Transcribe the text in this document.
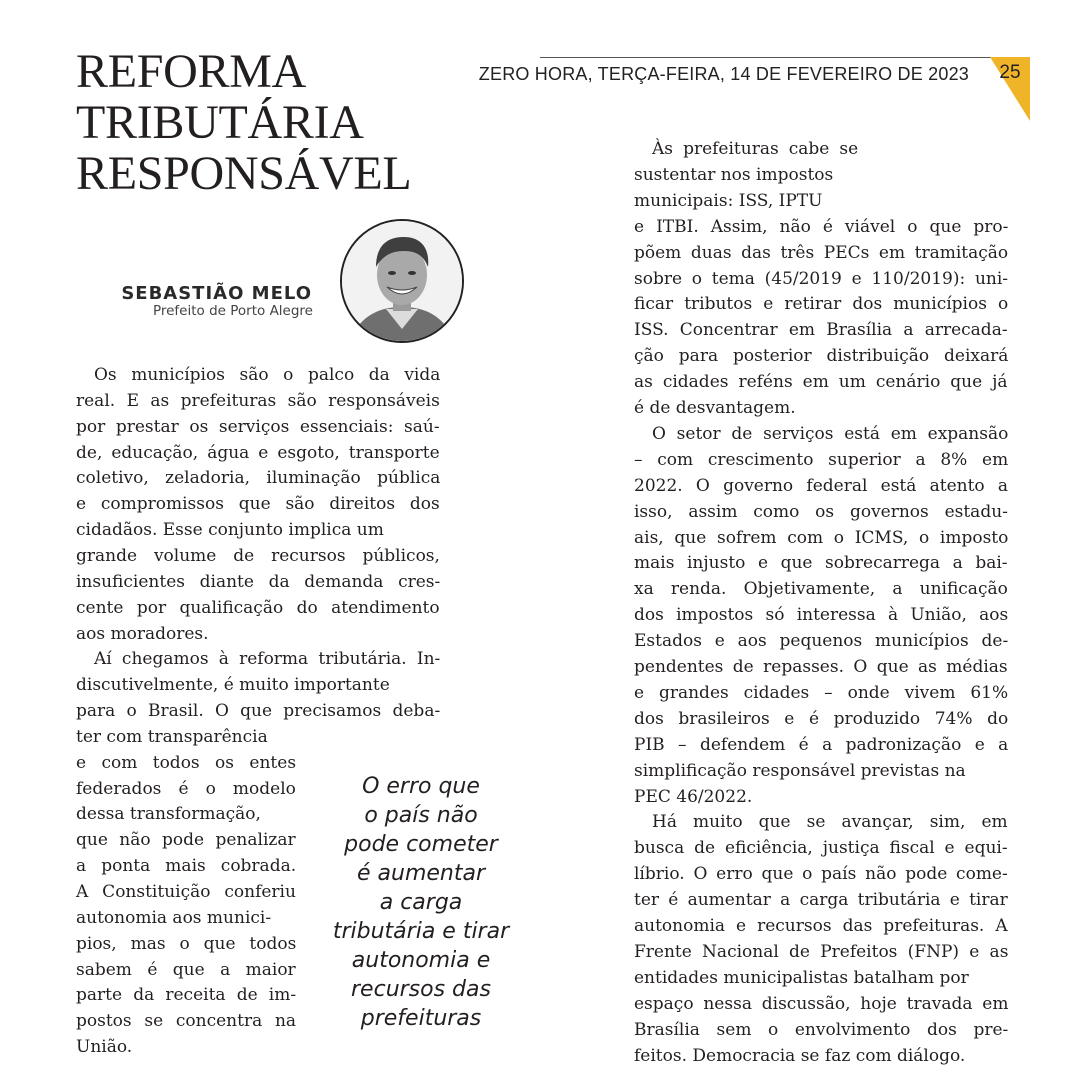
ZERO HORA, TERÇA-FEIRA, 14 DE FEVEREIRO DE 2023 25
REFORMA
TRIBUTÁRIA
RESPONSÁVEL
SEBASTIÃO MELO
Prefeito de Porto Alegre
Os municípios são o palco da vida
real. E as prefeituras são responsáveis
por prestar os serviços essenciais: saú-
de, educação, água e esgoto, transporte
coletivo, zeladoria, iluminação pública
e compromissos que são direitos dos
cidadãos. Esse conjunto implica um
grande volume de recursos públicos,
insuficientes diante da demanda cres-
cente por qualificação do atendimento
aos moradores.
Aí chegamos à reforma tributária. In-
discutivelmente, é muito importante
para o Brasil. O que precisamos deba-
ter com transparência
e com todos os entes
federados é o modelo
dessa transformação,
que não pode penalizar
a ponta mais cobrada.
A Constituição conferiu
autonomia aos munici-
pios, mas o que todos
sabem é que a maior
parte da receita de im-
postos se concentra na
União.
O erro que
o país não
pode cometer
é aumentar
a carga
tributária e tirar
autonomia e
recursos das
prefeituras
Às prefeituras cabe se
sustentar nos impostos
municipais: ISS, IPTU
e ITBI. Assim, não é viável o que pro-
põem duas das três PECs em tramitação
sobre o tema (45/2019 e 110/2019): uni-
ficar tributos e retirar dos municípios o
ISS. Concentrar em Brasília a arrecada-
ção para posterior distribuição deixará
as cidades reféns em um cenário que já
é de desvantagem.
O setor de serviços está em expansão
– com crescimento superior a 8% em
2022. O governo federal está atento a
isso, assim como os governos estadu-
ais, que sofrem com o ICMS, o imposto
mais injusto e que sobrecarrega a bai-
xa renda. Objetivamente, a unificação
dos impostos só interessa à União, aos
Estados e aos pequenos municípios de-
pendentes de repasses. O que as médias
e grandes cidades – onde vivem 61%
dos brasileiros e é produzido 74% do
PIB – defendem é a padronização e a
simplificação responsável previstas na
PEC 46/2022.
Há muito que se avançar, sim, em
busca de eficiência, justiça fiscal e equi-
líbrio. O erro que o país não pode come-
ter é aumentar a carga tributária e tirar
autonomia e recursos das prefeituras. A
Frente Nacional de Prefeitos (FNP) e as
entidades municipalistas batalham por
espaço nessa discussão, hoje travada em
Brasília sem o envolvimento dos pre-
feitos. Democracia se faz com diálogo.
